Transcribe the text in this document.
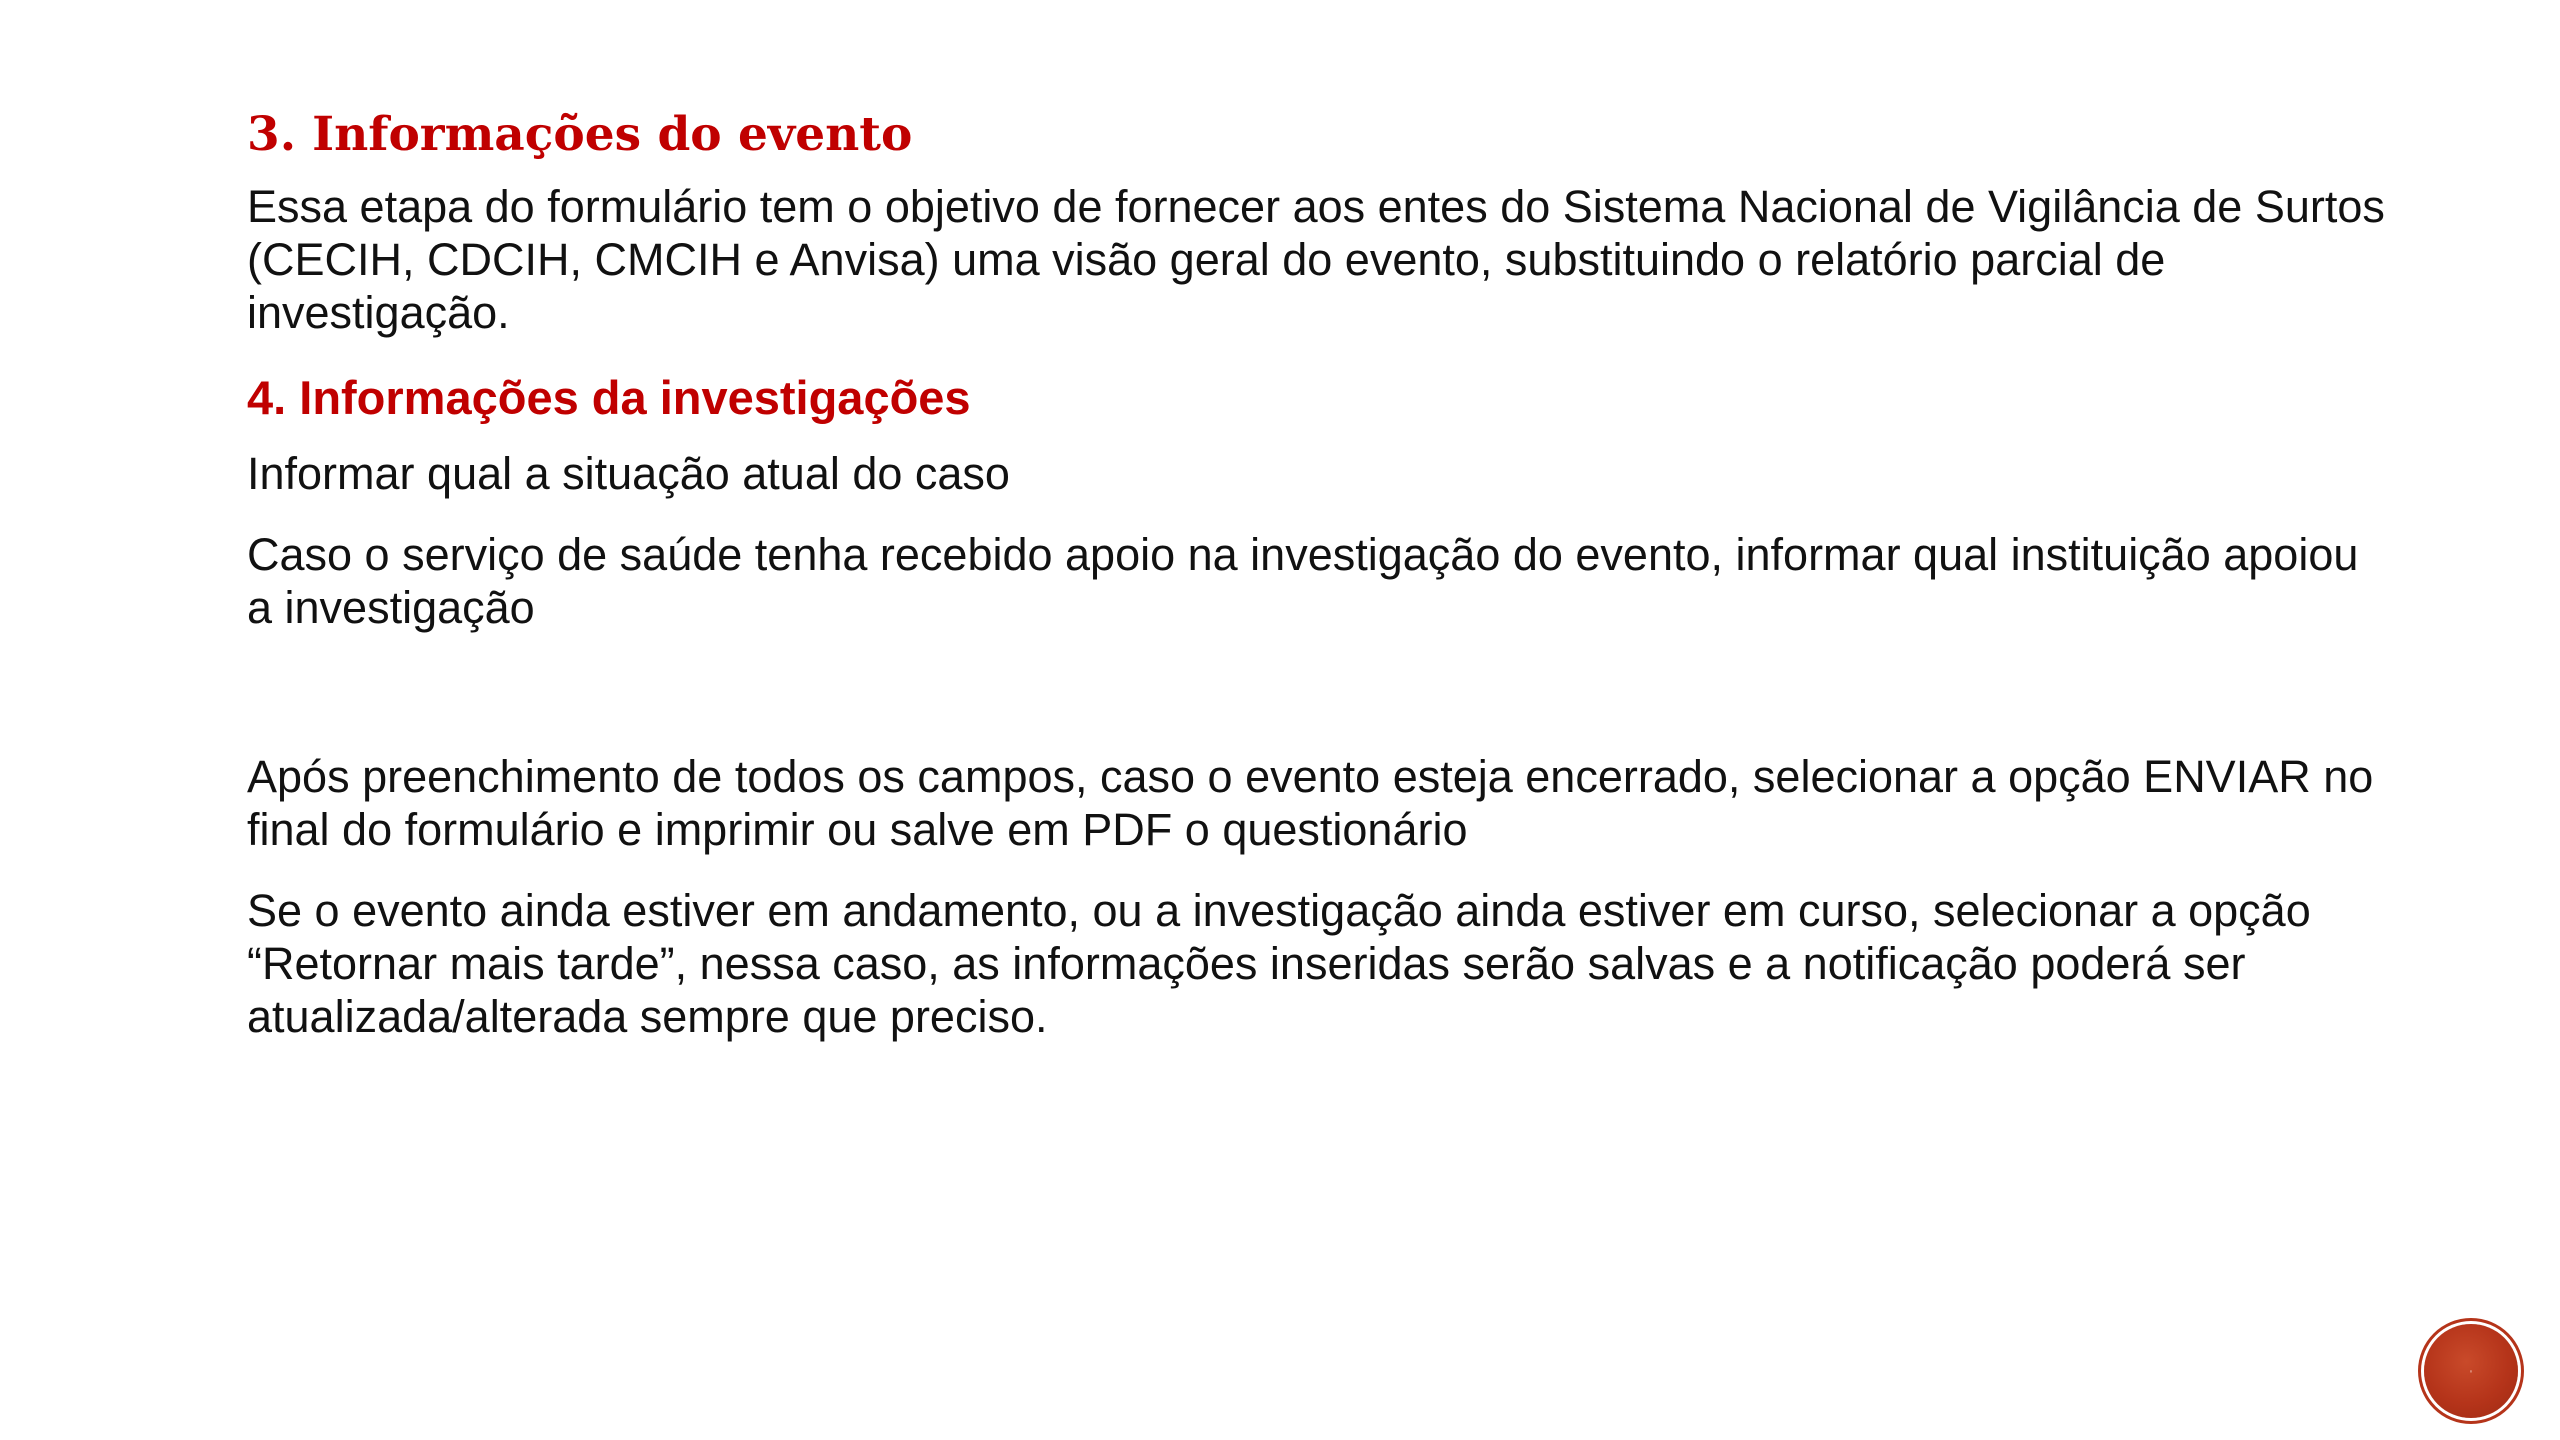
3. Informações do evento

Essa etapa do formulário tem o objetivo de fornecer aos entes do Sistema Nacional de Vigilância de Surtos (CECIH, CDCIH, CMCIH e Anvisa) uma visão geral do evento, substituindo o relatório parcial de investigação.

4. Informações da investigações

Informar qual a situação atual do caso

Caso o serviço de saúde tenha recebido apoio na investigação do evento, informar qual instituição apoiou a investigação

Após preenchimento de todos os campos, caso o evento esteja encerrado, selecionar a opção ENVIAR no final do formulário e imprimir ou salve em PDF o questionário

Se o evento ainda estiver em andamento, ou a investigação ainda estiver em curso, selecionar a opção “Retornar mais tarde”, nessa caso, as informações inseridas serão salvas e a notificação poderá ser atualizada/alterada sempre que preciso.

·
